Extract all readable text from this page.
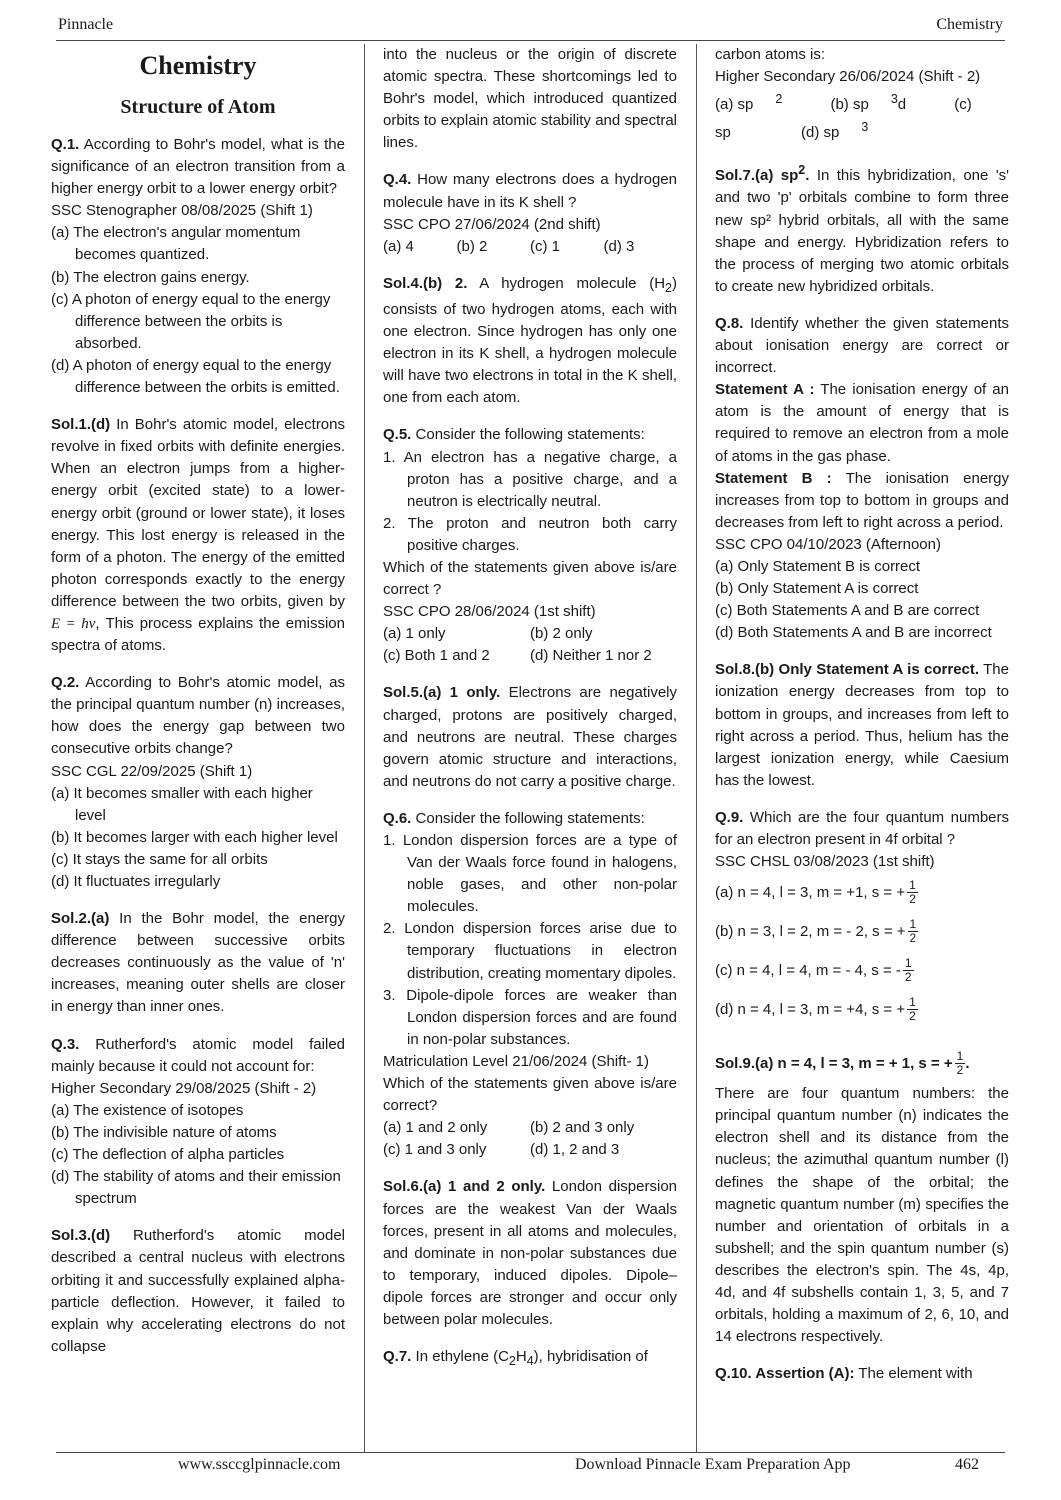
Pinnacle	Chemistry
Chemistry
Structure of Atom
Q.1. According to Bohr's model, what is the significance of an electron transition from a higher energy orbit to a lower energy orbit?
SSC Stenographer 08/08/2025 (Shift 1)
(a) The electron's angular momentum becomes quantized.
(b) The electron gains energy.
(c) A photon of energy equal to the energy difference between the orbits is absorbed.
(d) A photon of energy equal to the energy difference between the orbits is emitted.
Sol.1.(d) In Bohr's atomic model, electrons revolve in fixed orbits with definite energies. When an electron jumps from a higher-energy orbit (excited state) to a lower-energy orbit (ground or lower state), it loses energy. This lost energy is released in the form of a photon. The energy of the emitted photon corresponds exactly to the energy difference between the two orbits, given by E = hν, This process explains the emission spectra of atoms.
Q.2. According to Bohr's atomic model, as the principal quantum number (n) increases, how does the energy gap between two consecutive orbits change?
SSC CGL 22/09/2025 (Shift 1)
(a) It becomes smaller with each higher level
(b) It becomes larger with each higher level
(c) It stays the same for all orbits
(d) It fluctuates irregularly
Sol.2.(a) In the Bohr model, the energy difference between successive orbits decreases continuously as the value of 'n' increases, meaning outer shells are closer in energy than inner ones.
Q.3. Rutherford's atomic model failed mainly because it could not account for:
Higher Secondary 29/08/2025 (Shift - 2)
(a) The existence of isotopes
(b) The indivisible nature of atoms
(c) The deflection of alpha particles
(d) The stability of atoms and their emission spectrum
Sol.3.(d) Rutherford's atomic model described a central nucleus with electrons orbiting it and successfully explained alpha-particle deflection. However, it failed to explain why accelerating electrons do not collapse
into the nucleus or the origin of discrete atomic spectra. These shortcomings led to Bohr's model, which introduced quantized orbits to explain atomic stability and spectral lines.
Q.4. How many electrons does a hydrogen molecule have in its K shell ?
SSC CPO 27/06/2024 (2nd shift)
(a) 4	(b) 2	(c) 1	(d) 3
Sol.4.(b) 2. A hydrogen molecule $(H_2)$ consists of two hydrogen atoms, each with one electron. Since hydrogen has only one electron in its K shell, a hydrogen molecule will have two electrons in total in the K shell, one from each atom.
Q.5. Consider the following statements:
1. An electron has a negative charge, a proton has a positive charge, and a neutron is electrically neutral.
2. The proton and neutron both carry positive charges.
Which of the statements given above is/are correct ?
SSC CPO 28/06/2024 (1st shift)
(a) 1 only	(b) 2 only
(c) Both 1 and 2	(d) Neither 1 nor 2
Sol.5.(a) 1 only. Electrons are negatively charged, protons are positively charged, and neutrons are neutral. These charges govern atomic structure and interactions, and neutrons do not carry a positive charge.
Q.6. Consider the following statements:
1. London dispersion forces are a type of Van der Waals force found in halogens, noble gases, and other non-polar molecules.
2. London dispersion forces arise due to temporary fluctuations in electron distribution, creating momentary dipoles.
3. Dipole-dipole forces are weaker than London dispersion forces and are found in non-polar substances.
Matriculation Level 21/06/2024 (Shift- 1)
Which of the statements given above is/are correct?
(a) 1 and 2 only	(b) 2 and 3 only
(c) 1 and 3 only	(d) 1, 2 and 3
Sol.6.(a) 1 and 2 only. London dispersion forces are the weakest Van der Waals forces, present in all atoms and molecules, and dominate in non-polar substances due to temporary, induced dipoles. Dipole–dipole forces are stronger and occur only between polar molecules.
Q.7. In ethylene $(C_2H_4)$, hybridisation of
carbon atoms is:
Higher Secondary 26/06/2024 (Shift - 2)
(a) sp $^2$	(b) sp $^3$d	(c) sp	(d) sp $^3$
Sol.7.(a) $sp^2$. In this hybridization, one 's' and two 'p' orbitals combine to form three new sp² hybrid orbitals, all with the same shape and energy. Hybridization refers to the process of merging two atomic orbitals to create new hybridized orbitals.
Q.8. Identify whether the given statements about ionisation energy are correct or incorrect.
Statement A : The ionisation energy of an atom is the amount of energy that is required to remove an electron from a mole of atoms in the gas phase.
Statement B : The ionisation energy increases from top to bottom in groups and decreases from left to right across a period.
SSC CPO 04/10/2023 (Afternoon)
(a) Only Statement B is correct
(b) Only Statement A is correct
(c) Both Statements A and B are correct
(d) Both Statements A and B are incorrect
Sol.8.(b) Only Statement A is correct. The ionization energy decreases from top to bottom in groups, and increases from left to right across a period. Thus, helium has the largest ionization energy, while Caesium has the lowest.
Q.9. Which are the four quantum numbers for an electron present in 4f orbital ?
SSC CHSL 03/08/2023 (1st shift)
(a) n = 4, l = 3, m = +1, s = + $\frac{1}{2}$
(b) n = 3, l = 2, m = - 2, s = + $\frac{1}{2}$
(c) n = 4, l = 4, m = - 4, s = - $\frac{1}{2}$
(d) n = 4, l = 3, m = +4, s = + $\frac{1}{2}$
Sol.9.(a) n = 4, l = 3, m = + 1, s = + $\frac{1}{2}$ .
There are four quantum numbers: the principal quantum number (n) indicates the electron shell and its distance from the nucleus; the azimuthal quantum number (l) defines the shape of the orbital; the magnetic quantum number (m) specifies the number and orientation of orbitals in a subshell; and the spin quantum number (s) describes the electron's spin. The 4s, 4p, 4d, and 4f subshells contain 1, 3, 5, and 7 orbitals, holding a maximum of 2, 6, 10, and 14 electrons respectively.
Q.10. Assertion (A): The element with
www.ssccglpinnacle.com	Download Pinnacle Exam Preparation App	462
